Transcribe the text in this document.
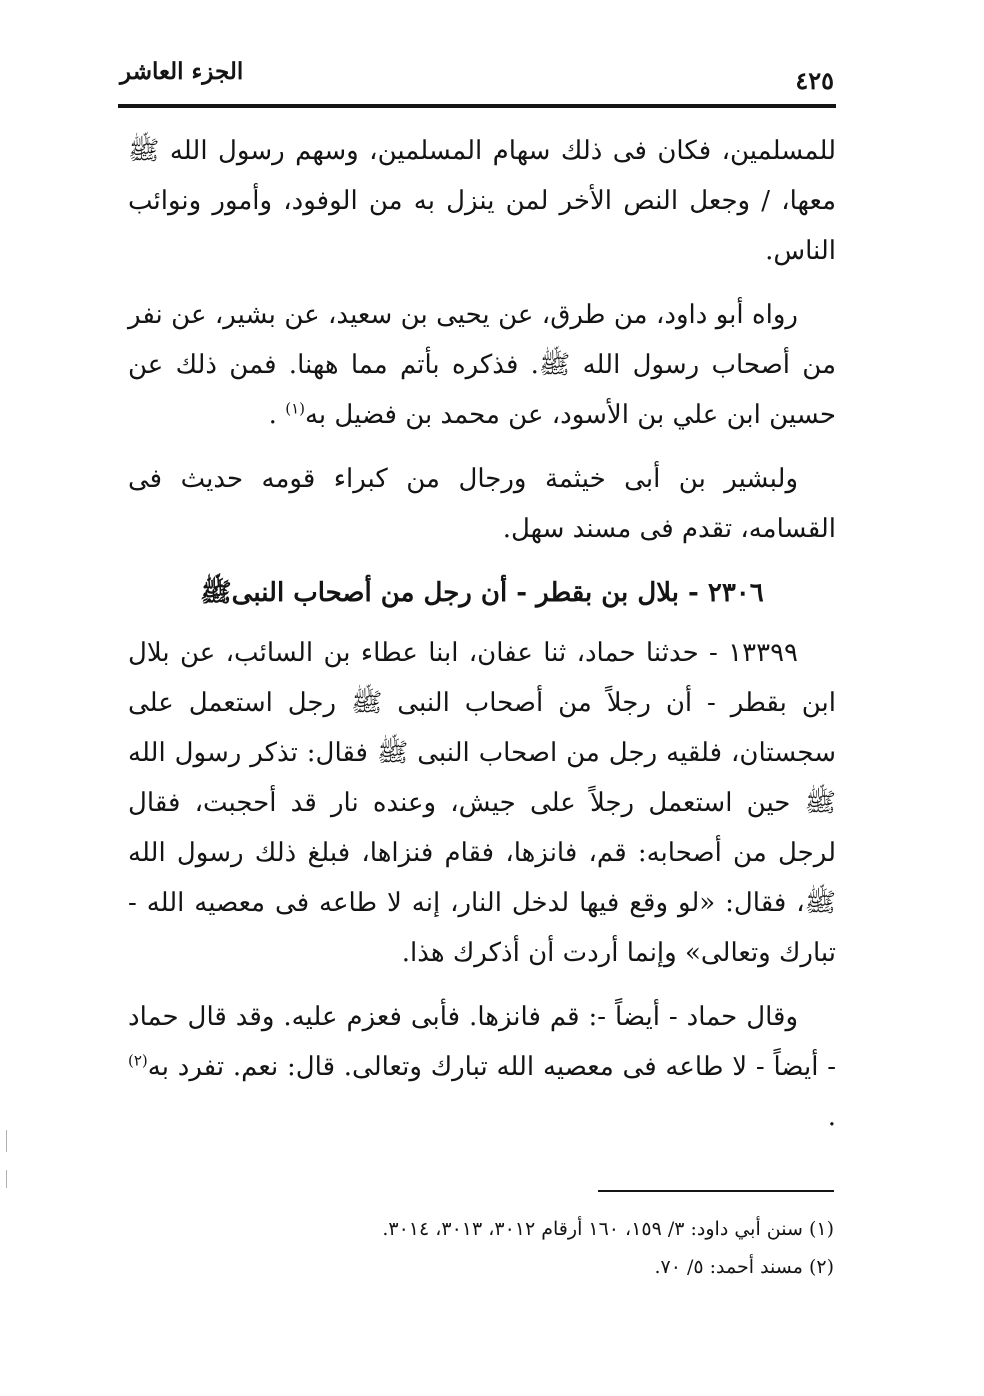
الجزء العاشر	٤٢٥

للمسلمين، فكان فى ذلك سهام المسلمين، وسهم رسول الله ﷺ معها، / وجعل النص الأخر لمن ينزل به من الوفود، وأمور ونوائب الناس.

رواه أبو داود، من طرق، عن يحيى بن سعيد، عن بشير، عن نفر من أصحاب رسول الله ﷺ. فذكره بأتم مما ههنا. فمن ذلك عن حسين ابن علي بن الأسود، عن محمد بن فضيل به$^{(١)}$ .

ولبشير بن أبى خيثمة ورجال من كبراء قومه حديث فى القسامه، تقدم فى مسند سهل.

٢٣٠٦ - بلال بن بقطر - أن رجل من أصحاب النبىﷺ

١٣٣٩٩ - حدثنا حماد، ثنا عفان، ابنا عطاء بن السائب، عن بلال ابن بقطر - أن رجلاً من أصحاب النبى ﷺ رجل استعمل على سجستان، فلقيه رجل من اصحاب النبى ﷺ فقال: تذكر رسول الله ﷺ حين استعمل رجلاً على جيش، وعنده نار قد أحجبت، فقال لرجل من أصحابه: قم، فانزها، فقام فنزاها، فبلغ ذلك رسول الله ﷺ، فقال: «لو وقع فيها لدخل النار، إنه لا طاعه فى معصيه الله - تبارك وتعالى» وإنما أردت أن أذكرك هذا.

وقال حماد - أيضاً -: قم فانزها. فأبى فعزم عليه. وقد قال حماد - أيضاً - لا طاعه فى معصيه الله تبارك وتعالى. قال: نعم. تفرد به$^{(٢)}$ .

(١) سنن أبي داود: ٣/ ١٥٩، ١٦٠ أرقام ٣٠١٢، ٣٠١٣، ٣٠١٤.

(٢) مسند أحمد: ٥/ ٧٠.
